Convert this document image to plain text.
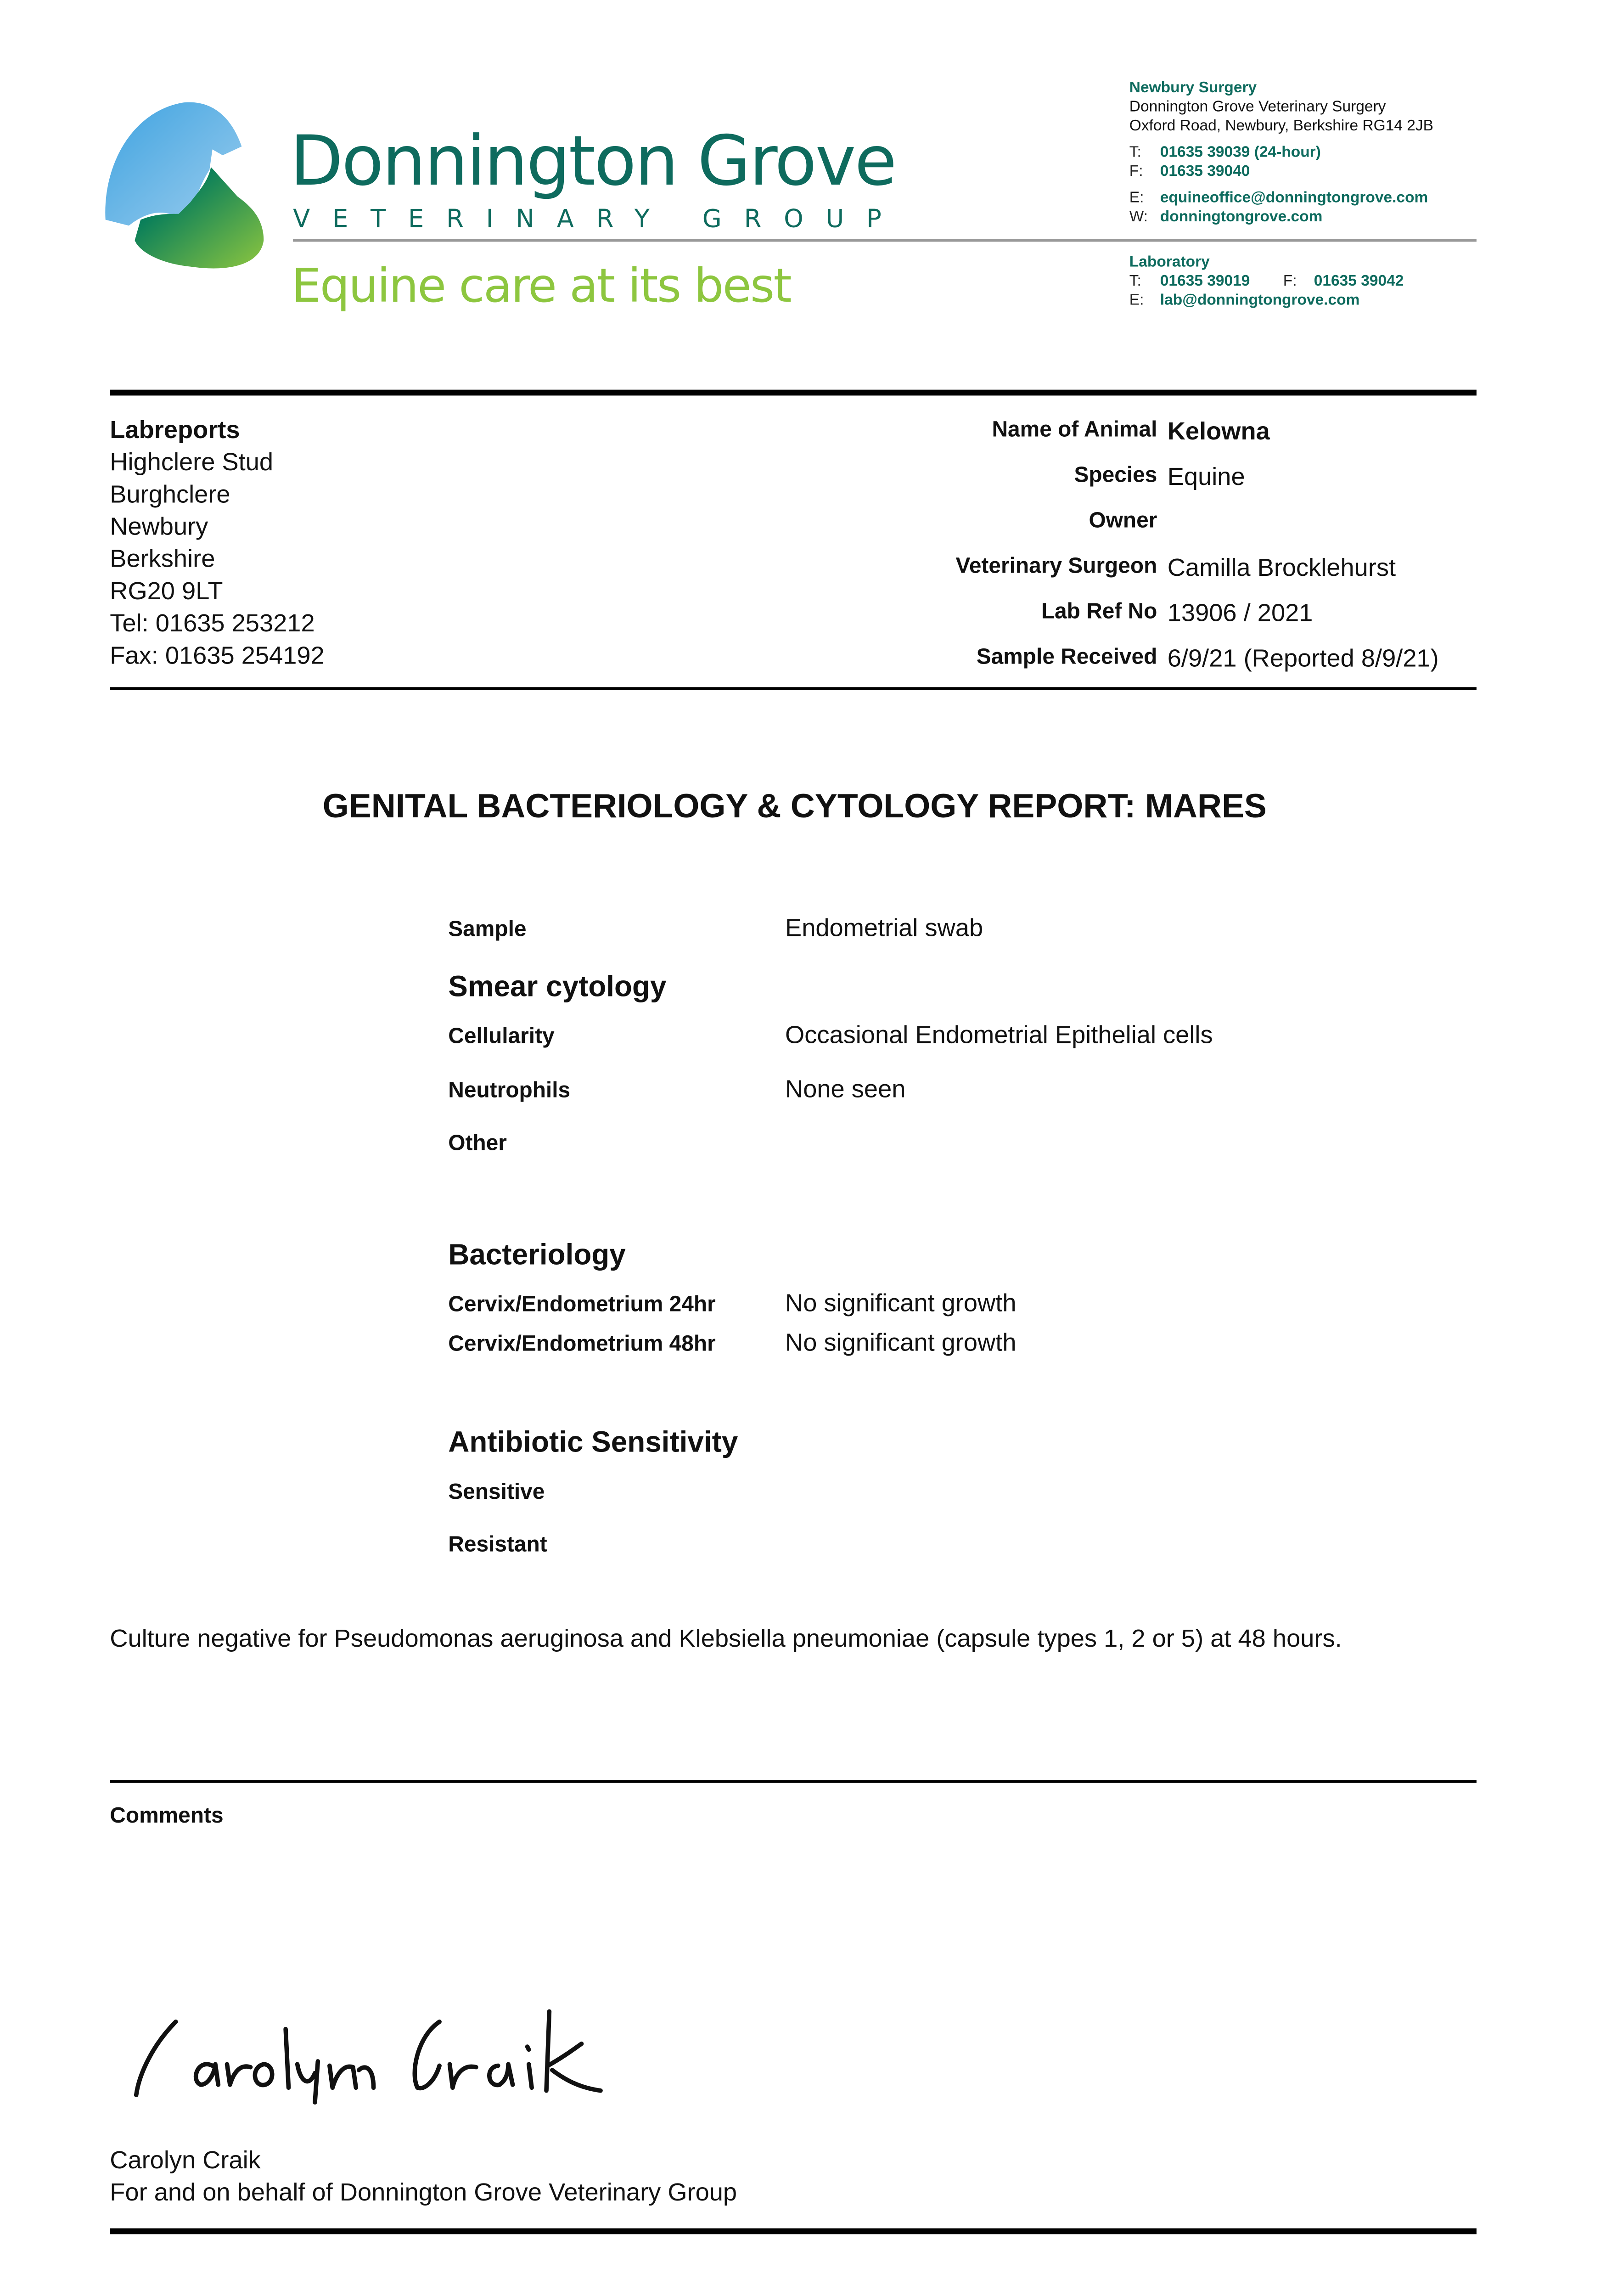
Donnington Grove
VETERINARY GROUP
Equine care at its best
Newbury Surgery
Donnington Grove Veterinary Surgery
Oxford Road, Newbury, Berkshire RG14 2JB
T:	01635 39039 (24-hour)
F:	01635 39040
E:	equineoffice@donningtongrove.com
W:	donningtongrove.com
Laboratory
T:	01635 39019	F:	01635 39042
E:	lab@donningtongrove.com
Labreports
Highclere Stud
Burghclere
Newbury
Berkshire
RG20 9LT
Tel: 01635 253212
Fax: 01635 254192
Name of Animal Kelowna
Species Equine
Owner
Veterinary Surgeon Camilla Brocklehurst
Lab Ref No 13906 / 2021
Sample Received 6/9/21 (Reported 8/9/21)
GENITAL BACTERIOLOGY & CYTOLOGY REPORT: MARES
Sample	Endometrial swab
Smear cytology
Cellularity	Occasional Endometrial Epithelial cells
Neutrophils	None seen
Other
Bacteriology
Cervix/Endometrium 24hr	No significant growth
Cervix/Endometrium 48hr	No significant growth
Antibiotic Sensitivity
Sensitive
Resistant
Culture negative for Pseudomonas aeruginosa and Klebsiella pneumoniae (capsule types 1, 2 or 5) at 48 hours.
Comments
Carolyn Craik
For and on behalf of Donnington Grove Veterinary Group
